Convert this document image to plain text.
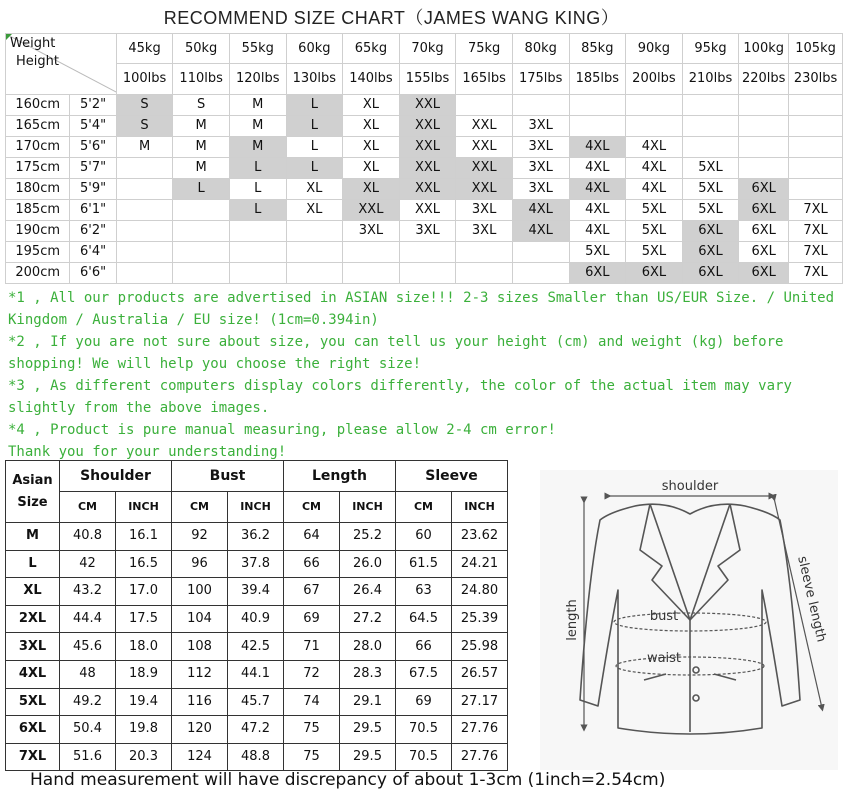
RECOMMEND SIZE CHART（JAMES WANG KING）
Weight
Height		45kg	50kg	55kg	60kg	65kg	70kg	75kg	80kg	85kg	90kg	95kg	100kg	105kg
		100lbs	110lbs	120lbs	130lbs	140lbs	155lbs	165lbs	175lbs	185lbs	200lbs	210lbs	220lbs	230lbs
160cm	5'2"	S	S	M	L	XL	XXL							
165cm	5'4"	S	M	M	L	XL	XXL	XXL	3XL					
170cm	5'6"	M	M	M	L	XL	XXL	XXL	3XL	4XL	4XL			
175cm	5'7"		M	L	L	XL	XXL	XXL	3XL	4XL	4XL	5XL		
180cm	5'9"		L	L	XL	XL	XXL	XXL	3XL	4XL	4XL	5XL	6XL	
185cm	6'1"			L	XL	XXL	XXL	3XL	4XL	4XL	5XL	5XL	6XL	7XL
190cm	6'2"					3XL	3XL	3XL	4XL	4XL	5XL	6XL	6XL	7XL
195cm	6'4"									5XL	5XL	6XL	6XL	7XL
200cm	6'6"									6XL	6XL	6XL	6XL	7XL

*1 , All our products are advertised in ASIAN size!!! 2-3 sizes Smaller than US/EUR Size. / United Kingdom / Australia / EU size! (1cm=0.394in)

*2 , If you are not sure about size, you can tell us your height (cm) and weight (kg) before shopping! We will help you choose the right size!

*3 , As different computers display colors differently, the color of the actual item may vary slightly from the above images.

*4 , Product is pure manual measuring, please allow 2-4 cm error!

Thank you for your understanding!

Asian
Size	Shoulder		Bust		Length		Sleeve	
	CM	INCH	CM	INCH	CM	INCH	CM	INCH
M	40.8	16.1	92	36.2	64	25.2	60	23.62
L	42	16.5	96	37.8	66	26.0	61.5	24.21
XL	43.2	17.0	100	39.4	67	26.4	63	24.80
2XL	44.4	17.5	104	40.9	69	27.2	64.5	25.39
3XL	45.6	18.0	108	42.5	71	28.0	66	25.98
4XL	48	18.9	112	44.1	72	28.3	67.5	26.57
5XL	49.2	19.4	116	45.7	74	29.1	69	27.17
6XL	50.4	19.8	120	47.2	75	29.5	70.5	27.76
7XL	51.6	20.3	124	48.8	75	29.5	70.5	27.76
shoulder
length	bust
waist
sleeve length
Hand measurement will have discrepancy of about 1-3cm (1inch=2.54cm)
